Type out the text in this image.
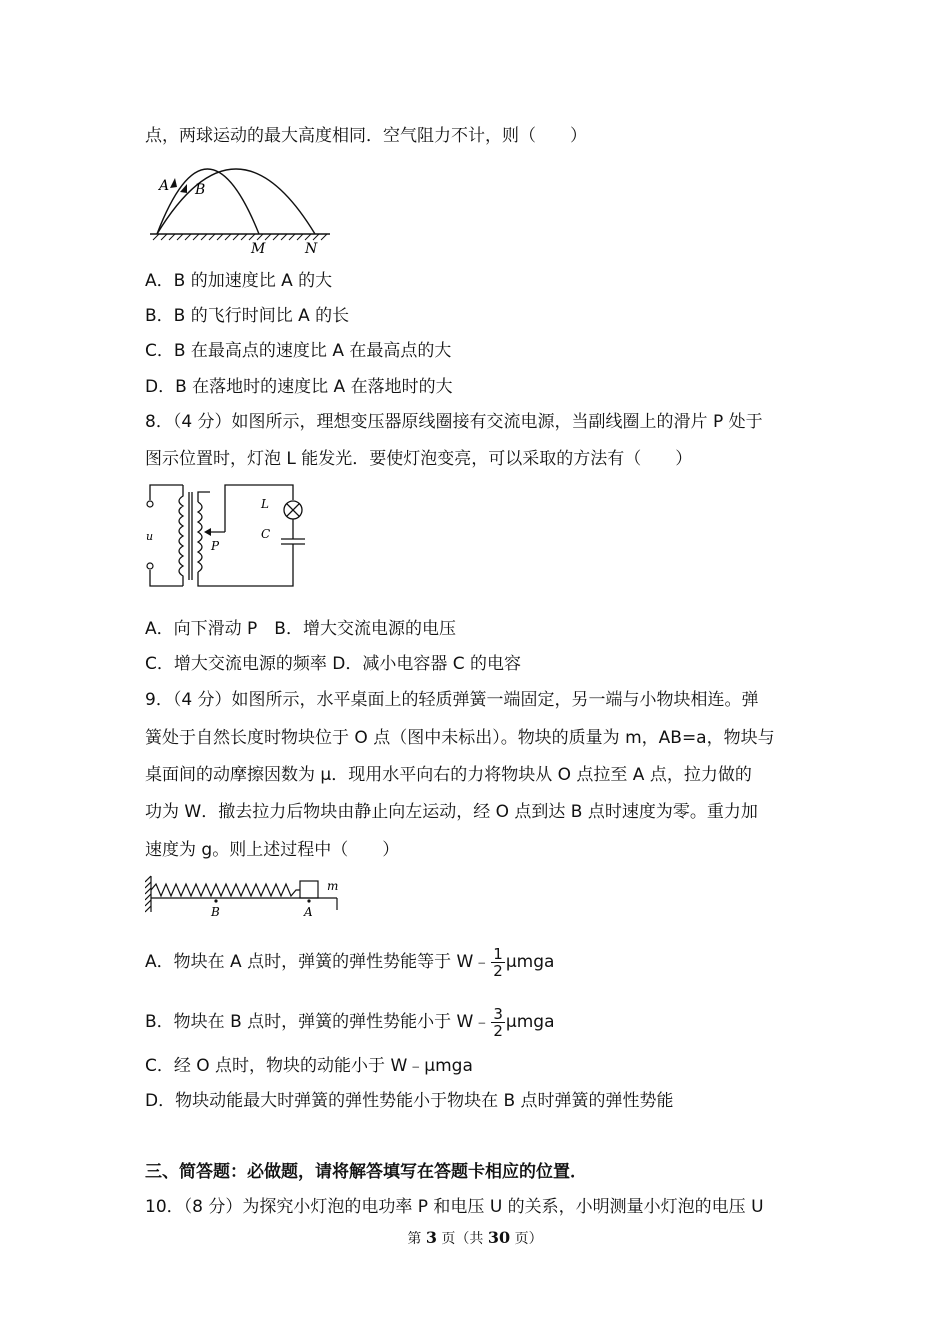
点，两球运动的最大高度相同．空气阻力不计，则（　　）
A B
M	N
A．B 的加速度比 A 的大
B．B 的飞行时间比 A 的长
C．B 在最高点的速度比 A 在最高点的大
D．B 在落地时的速度比 A 在落地时的大
8．（4 分）如图所示，理想变压器原线圈接有交流电源，当副线圈上的滑片 P 处于
图示位置时，灯泡 L 能发光．要使灯泡变亮，可以采取的方法有（　　）
u
P
L
C
A．向下滑动 P　B．增大交流电源的电压
C．增大交流电源的频率 D．减小电容器 C 的电容
9．（4 分）如图所示，水平桌面上的轻质弹簧一端固定，另一端与小物块相连。弹
簧处于自然长度时物块位于 O 点（图中未标出）。物块的质量为 m，AB=a，物块与
桌面间的动摩擦因数为 μ．现用水平向右的力将物块从 O 点拉至 A 点，拉力做的
功为 W．撤去拉力后物块由静止向左运动，经 O 点到达 B 点时速度为零。重力加
速度为 g。则上述过程中（　　）
m
B	A
A．物块在 A 点时，弹簧的弹性势能等于 W﹣ $\frac{1}{2}$ μmga
B．物块在 B 点时，弹簧的弹性势能小于 W﹣ $\frac{3}{2}$ μmga
C．经 O 点时，物块的动能小于 W﹣μmga
D．物块动能最大时弹簧的弹性势能小于物块在 B 点时弹簧的弹性势能
三、简答题：必做题，请将解答填写在答题卡相应的位置．
10．（8 分）为探究小灯泡的电功率 P 和电压 U 的关系，小明测量小灯泡的电压 U
第 3 页（共 30 页）
